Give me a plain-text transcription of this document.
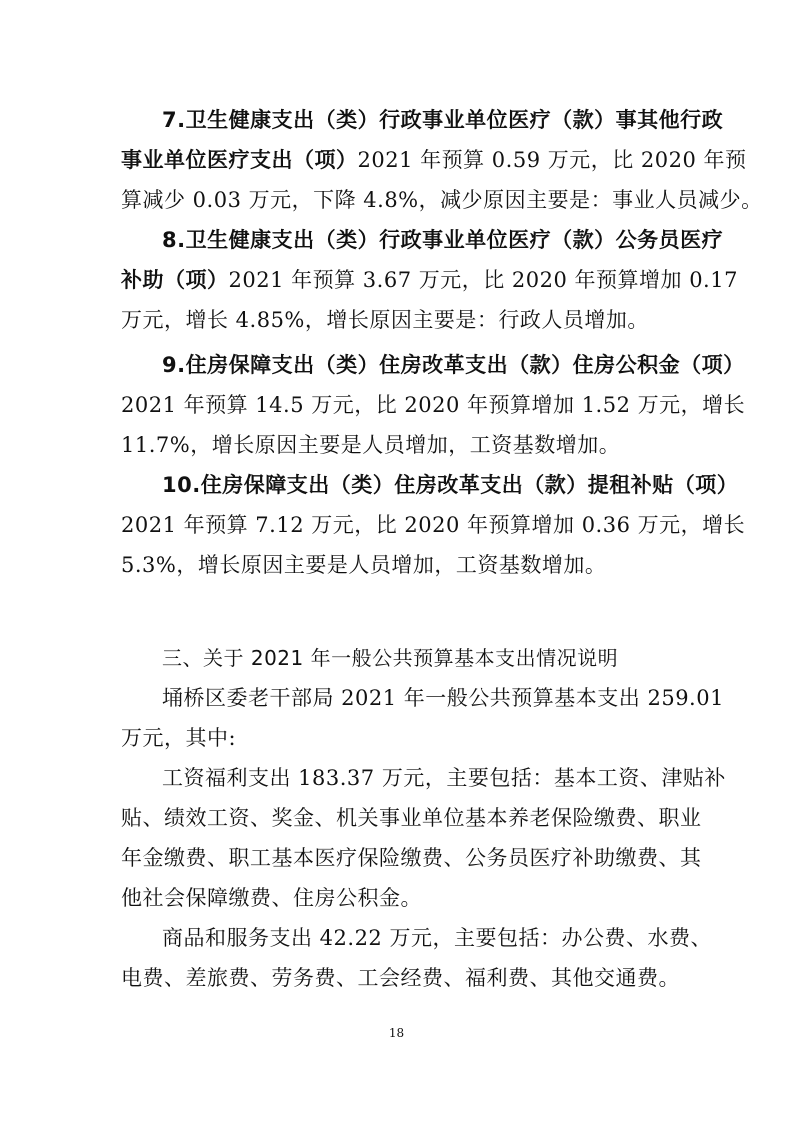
7.卫生健康支出（类）行政事业单位医疗（款）事其他行政
事业单位医疗支出（项）2021 年预算 0.59 万元，比 2020 年预
算减少 0.03 万元，下降 4.8%，减少原因主要是：事业人员减少。
8.卫生健康支出（类）行政事业单位医疗（款）公务员医疗
补助（项）2021 年预算 3.67 万元，比 2020 年预算增加 0.17
万元，增长 4.85%，增长原因主要是：行政人员增加。
9.住房保障支出（类）住房改革支出（款）住房公积金（项）
2021 年预算 14.5 万元，比 2020 年预算增加 1.52 万元，增长
11.7%，增长原因主要是人员增加，工资基数增加。
10.住房保障支出（类）住房改革支出（款）提租补贴（项）
2021 年预算 7.12 万元，比 2020 年预算增加 0.36 万元，增长
5.3%，增长原因主要是人员增加，工资基数增加。
三、关于 2021 年一般公共预算基本支出情况说明
埇桥区委老干部局 2021 年一般公共预算基本支出 259.01
万元，其中:
工资福利支出 183.37 万元，主要包括：基本工资、津贴补
贴、绩效工资、奖金、机关事业单位基本养老保险缴费、职业
年金缴费、职工基本医疗保险缴费、公务员医疗补助缴费、其
他社会保障缴费、住房公积金。
商品和服务支出 42.22 万元，主要包括：办公费、水费、
电费、差旅费、劳务费、工会经费、福利费、其他交通费。
18
